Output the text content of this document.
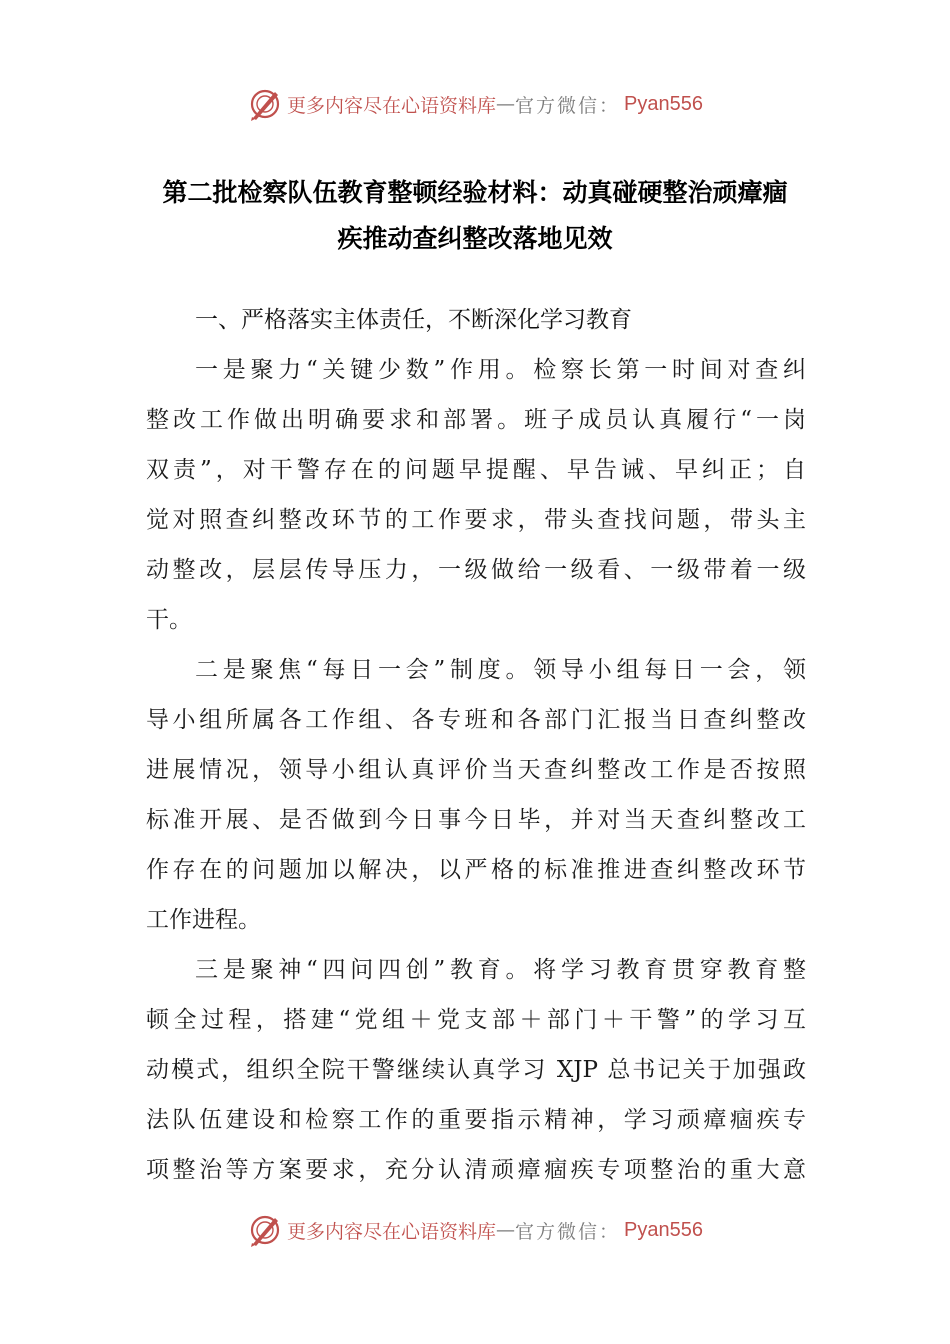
更多内容尽在心语资料库 — 官方微信： Pyan556
第二批检察队伍教育整顿经验材料：动真碰硬整治顽瘴痼
疾推动查纠整改落地见效
一、严格落实主体责任，不断深化学习教育
一是聚力“关键少数”作用。检察长第一时间对查纠
整改工作做出明确要求和部署。班子成员认真履行“一岗
双责”，对干警存在的问题早提醒、早告诫、早纠正；自
觉对照查纠整改环节的工作要求，带头查找问题，带头主
动整改，层层传导压力，一级做给一级看、一级带着一级
干。
二是聚焦“每日一会”制度。领导小组每日一会，领
导小组所属各工作组、各专班和各部门汇报当日查纠整改
进展情况，领导小组认真评价当天查纠整改工作是否按照
标准开展、是否做到今日事今日毕，并对当天查纠整改工
作存在的问题加以解决，以严格的标准推进查纠整改环节
工作进程。
三是聚神“四问四创”教育。将学习教育贯穿教育整
顿全过程，搭建“党组＋党支部＋部门＋干警”的学习互
动模式，组织全院干警继续认真学习 XJP 总书记关于加强政
法队伍建设和检察工作的重要指示精神，学习顽瘴痼疾专
项整治等方案要求，充分认清顽瘴痼疾专项整治的重大意
更多内容尽在心语资料库 — 官方微信： Pyan556
